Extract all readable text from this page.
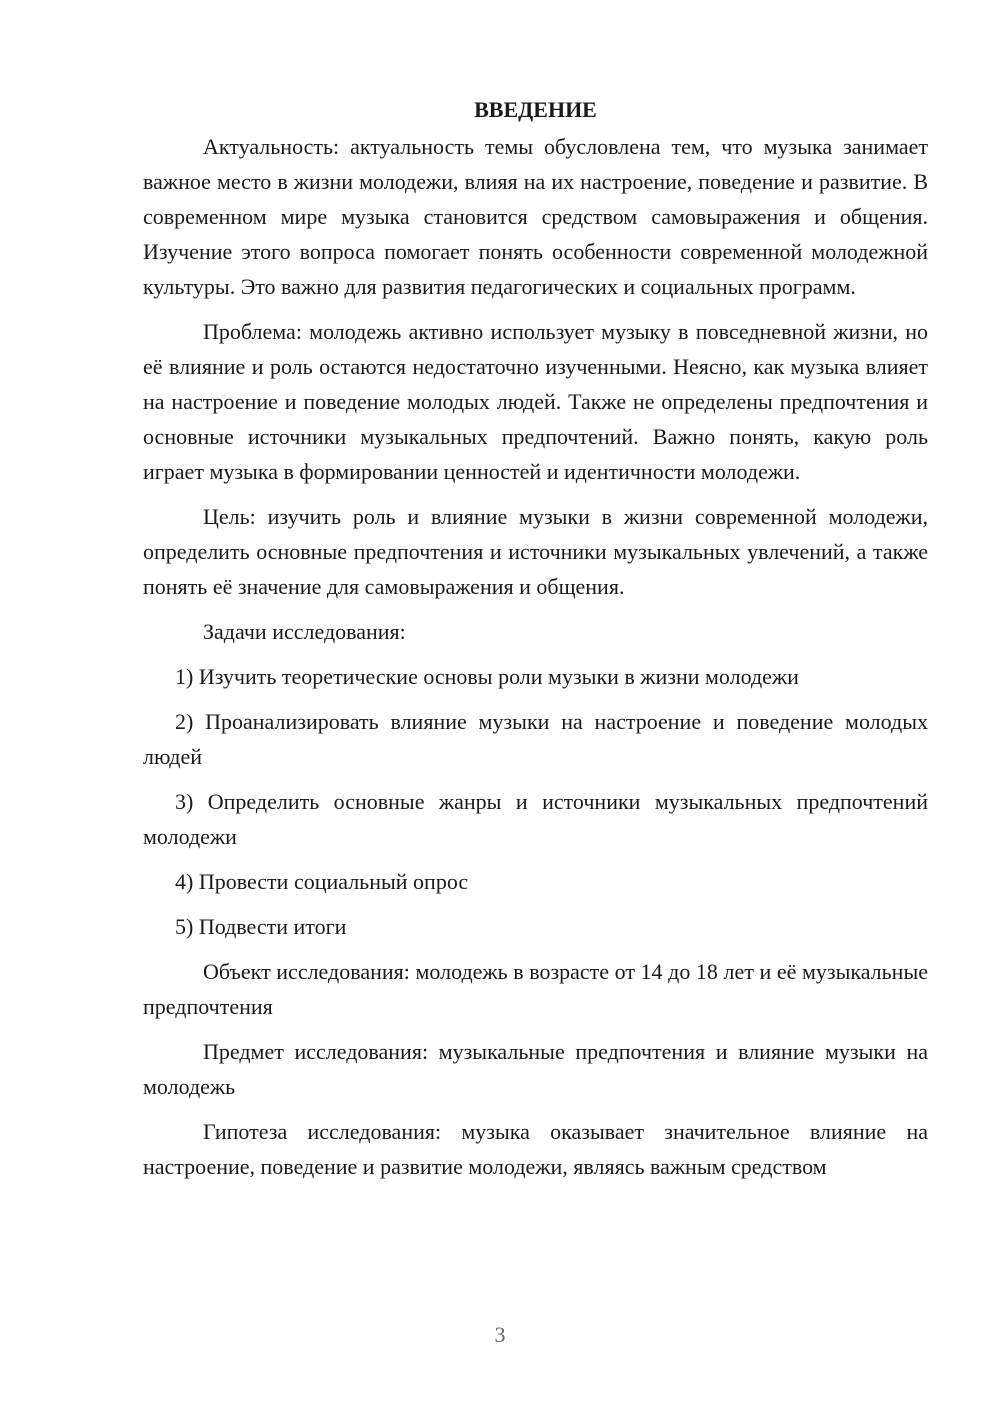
ВВЕДЕНИЕ

Актуальность: актуальность темы обусловлена тем, что музыка занимает важное место в жизни молодежи, влияя на их настроение, поведение и развитие. В современном мире музыка становится средством самовыражения и общения. Изучение этого вопроса помогает понять особенности современной молодежной культуры. Это важно для развития педагогических и социальных программ.

Проблема: молодежь активно использует музыку в повседневной жизни, но её влияние и роль остаются недостаточно изученными. Неясно, как музыка влияет на настроение и поведение молодых людей. Также не определены предпочтения и основные источники музыкальных предпочтений. Важно понять, какую роль играет музыка в формировании ценностей и идентичности молодежи.

Цель: изучить роль и влияние музыки в жизни современной молодежи, определить основные предпочтения и источники музыкальных увлечений, а также понять её значение для самовыражения и общения.

Задачи исследования:

1) Изучить теоретические основы роли музыки в жизни молодежи

2) Проанализировать влияние музыки на настроение и поведение молодых людей

3) Определить основные жанры и источники музыкальных предпочтений молодежи

4) Провести социальный опрос

5) Подвести итоги

Объект исследования: молодежь в возрасте от 14 до 18 лет и её музыкальные предпочтения

Предмет исследования: музыкальные предпочтения и влияние музыки на молодежь

Гипотеза исследования: музыка оказывает значительное влияние на настроение, поведение и развитие молодежи, являясь важным средством

3
